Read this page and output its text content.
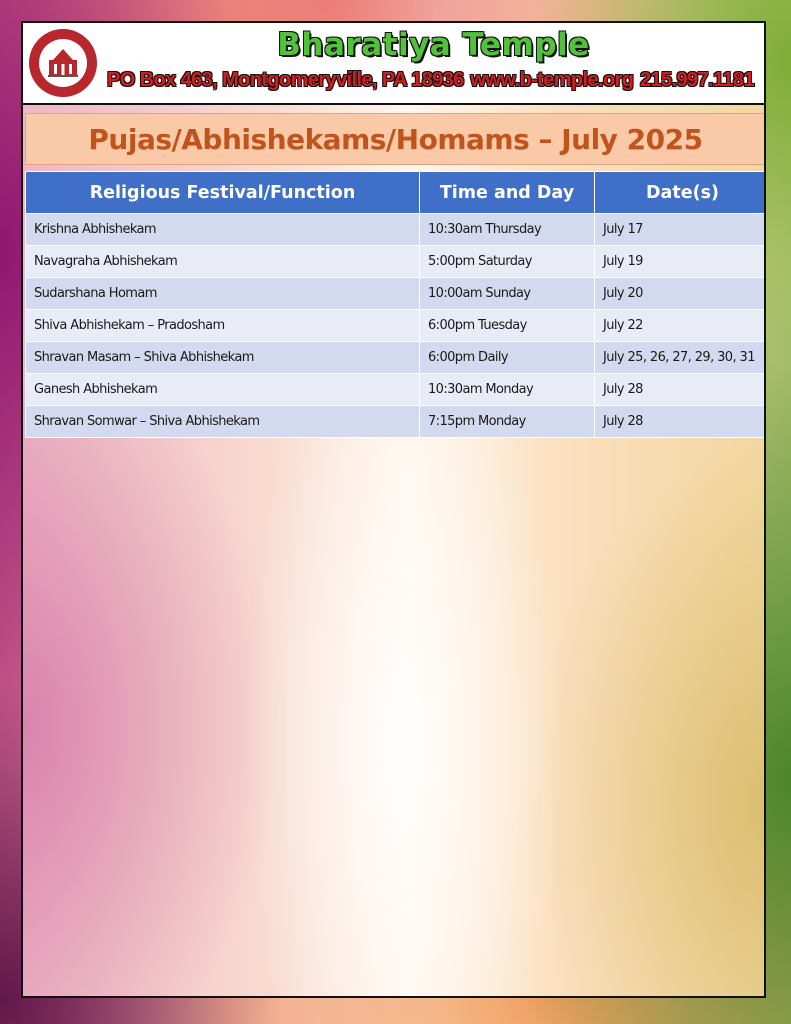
Bharatiya Temple
PO Box 463, Montgomeryville, PA 18936 www.b-temple.org 215.997.1181
Pujas/Abhishekams/Homams – July 2025
Religious Festival/Function	Time and Day	Date(s)
Krishna Abhishekam	10:30am Thursday	July 17
Navagraha Abhishekam	5:00pm Saturday	July 19
Sudarshana Homam	10:00am Sunday	July 20
Shiva Abhishekam – Pradosham	6:00pm Tuesday	July 22
Shravan Masam – Shiva Abhishekam	6:00pm Daily	July 25, 26, 27, 29, 30, 31
Ganesh Abhishekam	10:30am Monday	July 28
Shravan Somwar – Shiva Abhishekam	7:15pm Monday	July 28
